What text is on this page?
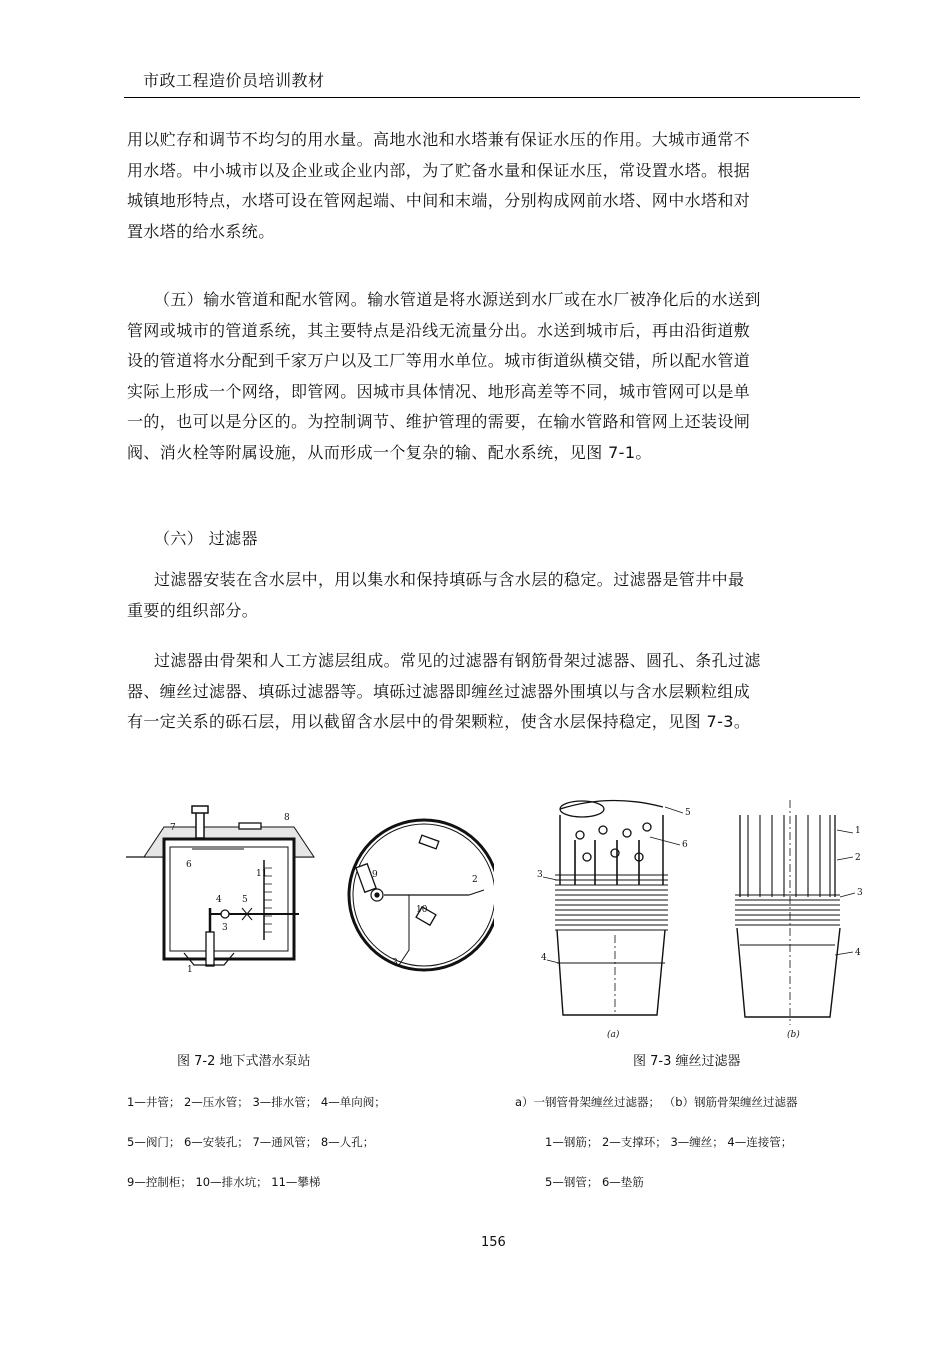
市政工程造价员培训教材
用以贮存和调节不均匀的用水量。高地水池和水塔兼有保证水压的作用。大城市通常不
用水塔。中小城市以及企业或企业内部，为了贮备水量和保证水压，常设置水塔。根据
城镇地形特点，水塔可设在管网起端、中间和末端，分别构成网前水塔、网中水塔和对
置水塔的给水系统。
（五）输水管道和配水管网。输水管道是将水源送到水厂或在水厂被净化后的水送到
管网或城市的管道系统，其主要特点是沿线无流量分出。水送到城市后，再由沿街道敷
设的管道将水分配到千家万户以及工厂等用水单位。城市街道纵横交错，所以配水管道
实际上形成一个网络，即管网。因城市具体情况、地形高差等不同，城市管网可以是单
一的，也可以是分区的。为控制调节、维护管理的需要，在输水管路和管网上还装设闸
阀、消火栓等附属设施，从而形成一个复杂的输、配水系统，见图 7-1。
（六） 过滤器
过滤器安装在含水层中，用以集水和保持填砾与含水层的稳定。过滤器是管井中最
重要的组织部分。
过滤器由骨架和人工方滤层组成。常见的过滤器有钢筋骨架过滤器、圆孔、条孔过滤
器、缠丝过滤器、填砾过滤器等。填砾过滤器即缠丝过滤器外围填以与含水层颗粒组成
有一定关系的砾石层，用以截留含水层中的骨架颗粒，使含水层保持稳定，见图 7-3。
7
8
6
11
4 5
3
1
9
10
2
3
图 7-2 地下式潜水泵站
1—井管； 2—压水管； 3—排水管； 4—单向阀；
5—阀门； 6—安装孔； 7—通风管； 8—人孔；
9—控制柜； 10—排水坑； 11—攀梯
5
6
3
4
(a)
1
2
3
4
(b)
图 7-3 缠丝过滤器
a）一钢管骨架缠丝过滤器； （b）钢筋骨架缠丝过滤器
1—钢筋； 2—支撑环； 3—缠丝； 4—连接管；
5—钢管； 6—垫筋
156
